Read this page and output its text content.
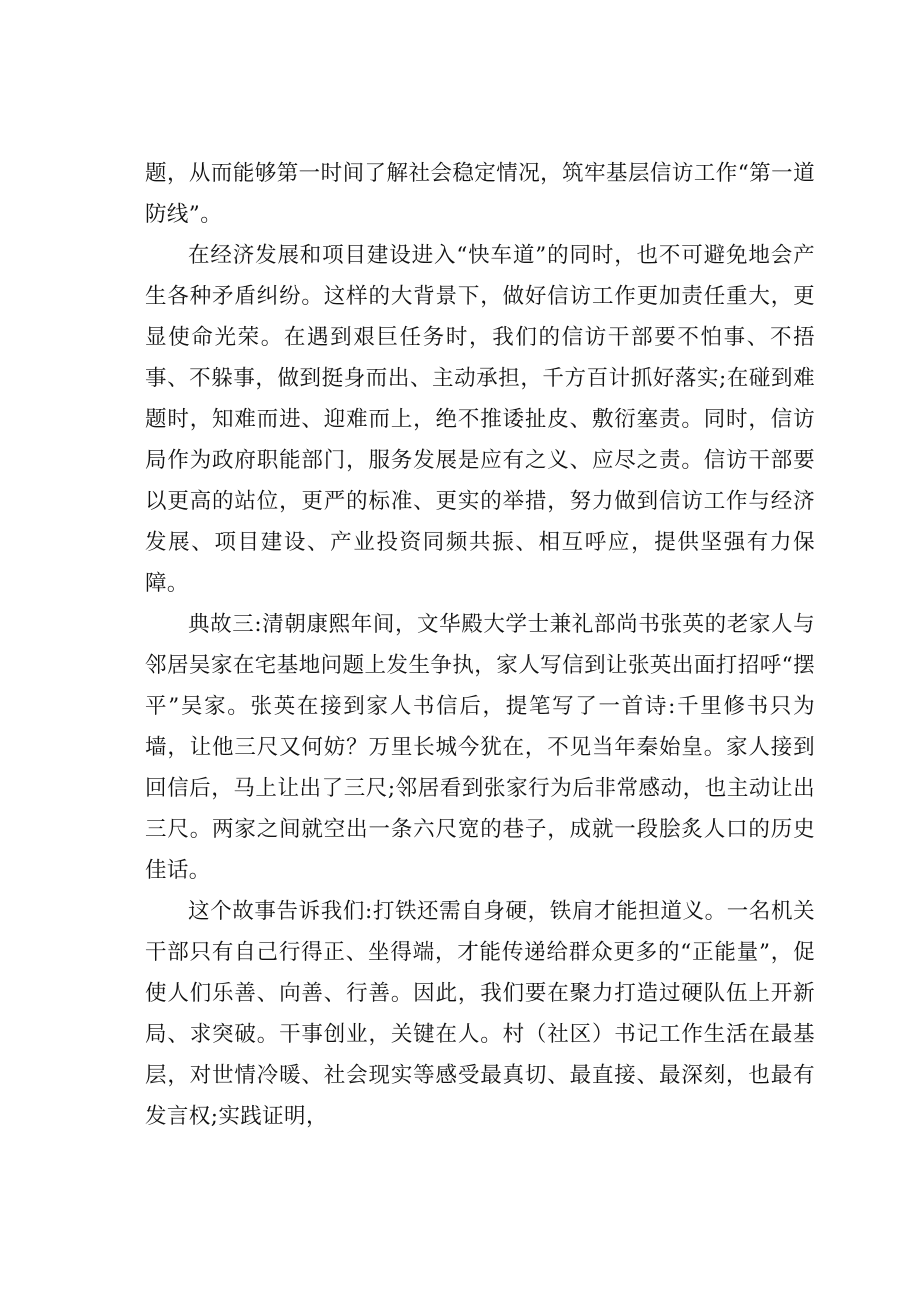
题，从而能够第一时间了解社会稳定情况，筑牢基层信访工作“第一道防线”。

在经济发展和项目建设进入“快车道”的同时，也不可避免地会产生各种矛盾纠纷。这样的大背景下，做好信访工作更加责任重大，更显使命光荣。在遇到艰巨任务时，我们的信访干部要不怕事、不捂事、不躲事，做到挺身而出、主动承担，千方百计抓好落实;在碰到难题时，知难而进、迎难而上，绝不推诿扯皮、敷衍塞责。同时，信访局作为政府职能部门，服务发展是应有之义、应尽之责。信访干部要以更高的站位，更严的标准、更实的举措，努力做到信访工作与经济发展、项目建设、产业投资同频共振、相互呼应，提供坚强有力保障。

典故三:清朝康熙年间，文华殿大学士兼礼部尚书张英的老家人与邻居吴家在宅基地问题上发生争执，家人写信到让张英出面打招呼“摆平”吴家。张英在接到家人书信后，提笔写了一首诗:千里修书只为墙，让他三尺又何妨？万里长城今犹在，不见当年秦始皇。家人接到回信后，马上让出了三尺;邻居看到张家行为后非常感动，也主动让出三尺。两家之间就空出一条六尺宽的巷子，成就一段脍炙人口的历史佳话。

这个故事告诉我们:打铁还需自身硬，铁肩才能担道义。一名机关干部只有自己行得正、坐得端，才能传递给群众更多的“正能量”，促使人们乐善、向善、行善。因此，我们要在聚力打造过硬队伍上开新局、求突破。干事创业，关键在人。村（社区）书记工作生活在最基层，对世情冷暖、社会现实等感受最真切、最直接、最深刻，也最有发言权;实践证明，
